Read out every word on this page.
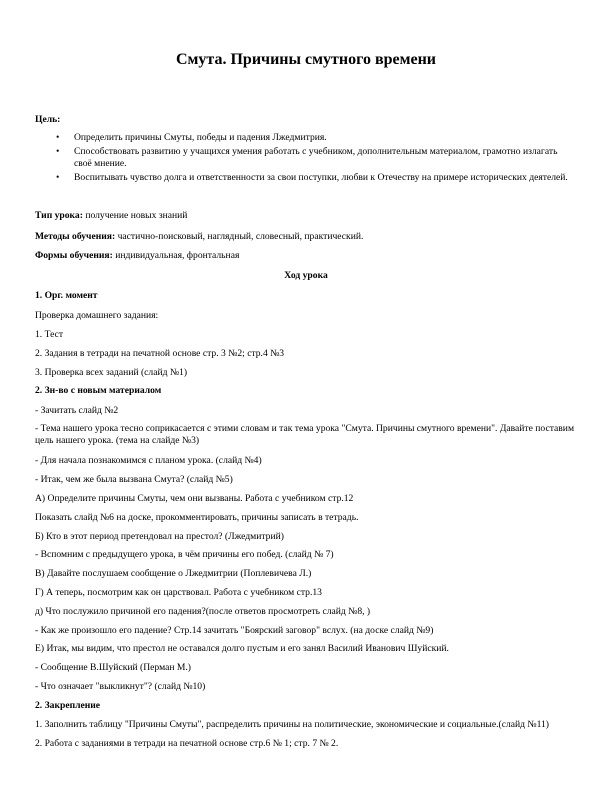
Смута. Причины смутного времени
Цель:
• Определить причины Смуты, победы и падения Лжедмитрия.
• Способствовать развитию у учащихся умения работать с учебником, дополнительным материалом, грамотно излагать своё мнение.
• Воспитывать чувство долга и ответственности за свои поступки, любви к Отечеству на примере исторических деятелей.
Тип урока: получение новых знаний
Методы обучения: частично-поисковый, наглядный, словесный, практический.
Формы обучения: индивидуальная, фронтальная
Ход урока
1. Орг. момент
Проверка домашнего задания:
1. Тест
2. Задания в тетради на печатной основе стр. 3 №2; стр.4 №3
3. Проверка всех заданий (слайд №1)
2. Зн-во с новым материалом
- Зачитать слайд №2
- Тема нашего урока тесно соприкасается с этими словам и так тема урока "Смута. Причины смутного времени". Давайте поставим цель нашего урока. (тема на слайде №3)
- Для начала познакомимся с планом урока. (слайд №4)
- Итак, чем же была вызвана Смута? (слайд №5)
А) Определите причины Смуты, чем они вызваны. Работа с учебником стр.12
Показать слайд №6 на доске, прокомментировать, причины записать в тетрадь.
Б) Кто в этот период претендовал на престол? (Лжедмитрий)
- Вспомним с предыдущего урока, в чём причины его побед. (слайд № 7)
В) Давайте послушаем сообщение о Лжедмитрии (Поплевичева Л.)
Г) А теперь, посмотрим как он царствовал. Работа с учебником стр.13
д) Что послужило причиной его падения?(после ответов просмотреть слайд №8, )
- Как же произошло его падение? Стр.14 зачитать "Боярский заговор" вслух. (на доске слайд №9)
Е) Итак, мы видим, что престол не оставался долго пустым и его занял Василий Иванович Шуйский.
- Сообщение В.Шуйский (Перман М.)
- Что означает "выкликнут"? (слайд №10)
2. Закрепление
1. Заполнить таблицу "Причины Смуты", распределить причины на политические, экономические и социальные.(слайд №11)
2. Работа с заданиями в тетради на печатной основе стр.6 № 1; стр. 7 № 2.
